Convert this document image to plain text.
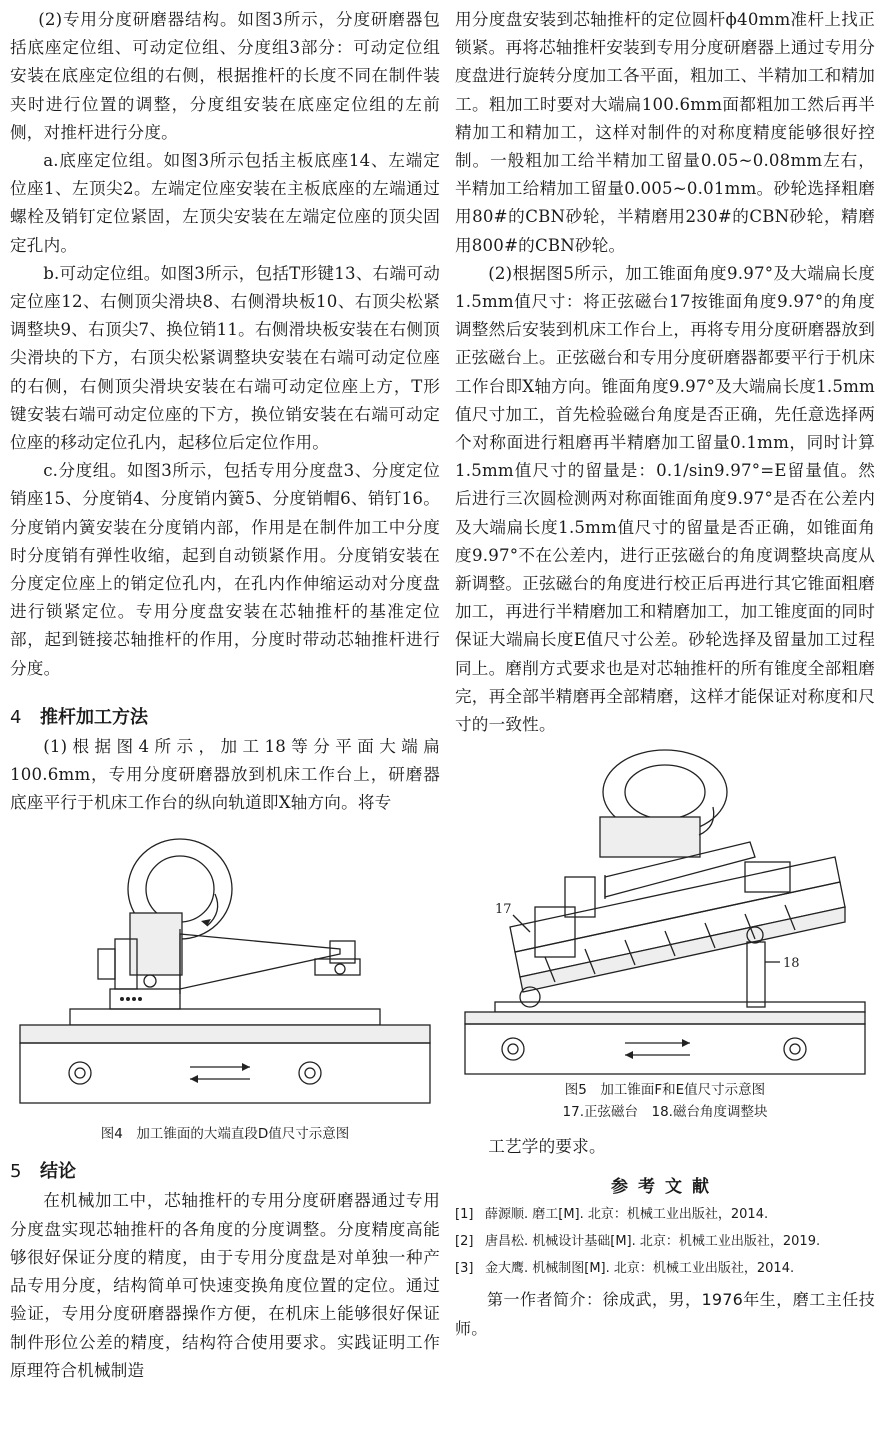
(2)专用分度研磨器结构。如图3所示，分度研磨器包括底座定位组、可动定位组、分度组3部分：可动定位组安装在底座定位组的右侧，根据推杆的长度不同在制件装夹时进行位置的调整，分度组安装在底座定位组的左前侧，对推杆进行分度。

a.底座定位组。如图3所示包括主板底座14、左端定位座1、左顶尖2。左端定位座安装在主板底座的左端通过螺栓及销钉定位紧固，左顶尖安装在左端定位座的顶尖固定孔内。

b.可动定位组。如图3所示，包括T形键13、右端可动定位座12、右侧顶尖滑块8、右侧滑块板10、右顶尖松紧调整块9、右顶尖7、换位销11。右侧滑块板安装在右侧顶尖滑块的下方，右顶尖松紧调整块安装在右端可动定位座的右侧，右侧顶尖滑块安装在右端可动定位座上方，T形键安装右端可动定位座的下方，换位销安装在右端可动定位座的移动定位孔内，起移位后定位作用。

c.分度组。如图3所示，包括专用分度盘3、分度定位销座15、分度销4、分度销内簧5、分度销帽6、销钉16。分度销内簧安装在分度销内部，作用是在制件加工中分度时分度销有弹性收缩，起到自动锁紧作用。分度销安装在分度定位座上的销定位孔内，在孔内作伸缩运动对分度盘进行锁紧定位。专用分度盘安装在芯轴推杆的基准定位部，起到链接芯轴推杆的作用，分度时带动芯轴推杆进行分度。

4 推杆加工方法

(1)根据图4所示，加工18等分平面大端扁100.6mm，专用分度研磨器放到机床工作台上，研磨器底座平行于机床工作台的纵向轨道即X轴方向。将专

图4　加工锥面的大端直段D值尺寸示意图

5 结论

在机械加工中，芯轴推杆的专用分度研磨器通过专用分度盘实现芯轴推杆的各角度的分度调整。分度精度高能够很好保证分度的精度，由于专用分度盘是对单独一种产品专用分度，结构简单可快速变换角度位置的定位。通过验证，专用分度研磨器操作方便，在机床上能够很好保证制件形位公差的精度，结构符合使用要求。实践证明工作原理符合机械制造

用分度盘安装到芯轴推杆的定位圆杆ϕ40mm准杆上找正锁紧。再将芯轴推杆安装到专用分度研磨器上通过专用分度盘进行旋转分度加工各平面，粗加工、半精加工和精加工。粗加工时要对大端扁100.6mm面都粗加工然后再半精加工和精加工，这样对制件的对称度精度能够很好控制。一般粗加工给半精加工留量0.05~0.08mm左右，半精加工给精加工留量0.005~0.01mm。砂轮选择粗磨用80#的CBN砂轮，半精磨用230#的CBN砂轮，精磨用800#的CBN砂轮。

(2)根据图5所示，加工锥面角度9.97°及大端扁长度1.5mm值尺寸：将正弦磁台17按锥面角度9.97°的角度调整然后安装到机床工作台上，再将专用分度研磨器放到正弦磁台上。正弦磁台和专用分度研磨器都要平行于机床工作台即X轴方向。锥面角度9.97°及大端扁长度1.5mm值尺寸加工，首先检验磁台角度是否正确，先任意选择两个对称面进行粗磨再半精磨加工留量0.1mm，同时计算1.5mm值尺寸的留量是：0.1/sin9.97°=E留量值。然后进行三次圆检测两对称面锥面角度9.97°是否在公差内及大端扁长度1.5mm值尺寸的留量是否正确，如锥面角度9.97°不在公差内，进行正弦磁台的角度调整块高度从新调整。正弦磁台的角度进行校正后再进行其它锥面粗磨加工，再进行半精磨加工和精磨加工，加工锥度面的同时保证大端扁长度E值尺寸公差。砂轮选择及留量加工过程同上。磨削方式要求也是对芯轴推杆的所有锥度全部粗磨完，再全部半精磨再全部精磨，这样才能保证对称度和尺寸的一致性。

17
18

图5　加工锥面F和E值尺寸示意图

17.正弦磁台　18.磁台角度调整块

工艺学的要求。

参考文献

[1] 薛源顺. 磨工[M]. 北京：机械工业出版社，2014.

[2] 唐昌松. 机械设计基础[M]. 北京：机械工业出版社，2019.

[3] 金大鹰. 机械制图[M]. 北京：机械工业出版社，2014.

第一作者简介：徐成武，男，1976年生，磨工主任技师。
